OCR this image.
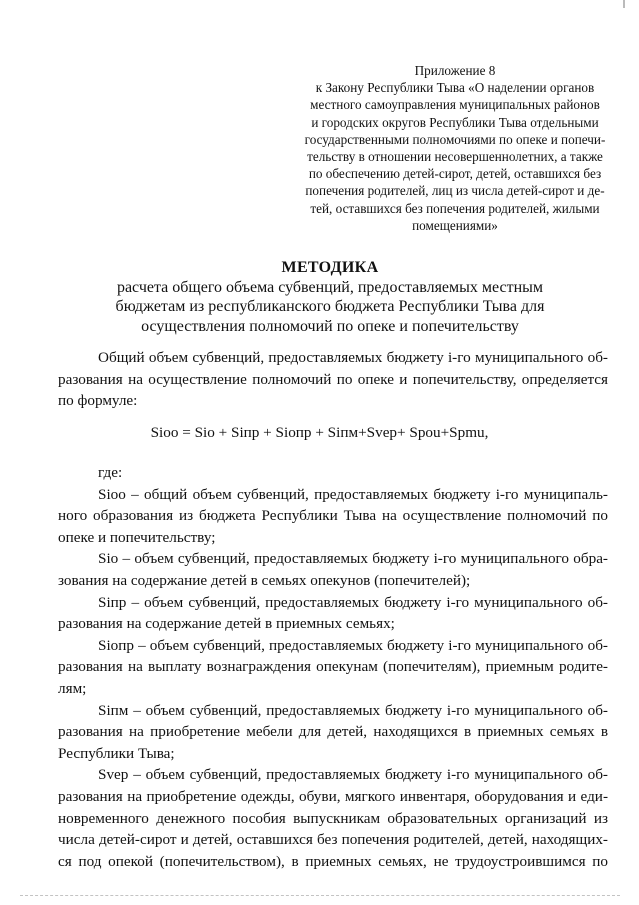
Приложение 8
к Закону Республики Тыва «О наделении органов
местного самоуправления муниципальных районов
и городских округов Республики Тыва отдельными
государственными полномочиями по опеке и попечи-
тельству в отношении несовершеннолетних, а также
по обеспечению детей-сирот, детей, оставшихся без
попечения родителей, лиц из числа детей-сирот и де-
тей, оставшихся без попечения родителей, жилыми
помещениями»
МЕТОДИКА
расчета общего объема субвенций, предоставляемых местным
бюджетам из республиканского бюджета Республики Тыва для
осуществления полномочий по опеке и попечительству
Общий объем субвенций, предоставляемых бюджету i-го муниципального об-
разования на осуществление полномочий по опеке и попечительству, определяется
по формуле:
Sioo = Sio + Siпр + Sioпр + Siпм+Svep+ Spou+Spmu,
где:
Sioo – общий объем субвенций, предоставляемых бюджету i-го муниципаль-
ного образования из бюджета Республики Тыва на осуществление полномочий по
опеке и попечительству;
Sio – объем субвенций, предоставляемых бюджету i-го муниципального обра-
зования на содержание детей в семьях опекунов (попечителей);
Siпр – объем субвенций, предоставляемых бюджету i-го муниципального об-
разования на содержание детей в приемных семьях;
Sioпр – объем субвенций, предоставляемых бюджету i-го муниципального об-
разования на выплату вознаграждения опекунам (попечителям), приемным родите-
лям;
Siпм – объем субвенций, предоставляемых бюджету i-го муниципального об-
разования на приобретение мебели для детей, находящихся в приемных семьях в
Республики Тыва;
Svep – объем субвенций, предоставляемых бюджету i-го муниципального об-
разования на приобретение одежды, обуви, мягкого инвентаря, оборудования и еди-
новременного денежного пособия выпускникам образовательных организаций из
числа детей-сирот и детей, оставшихся без попечения родителей, детей, находящих-
ся под опекой (попечительством), в приемных семьях, не трудоустроившимся по
